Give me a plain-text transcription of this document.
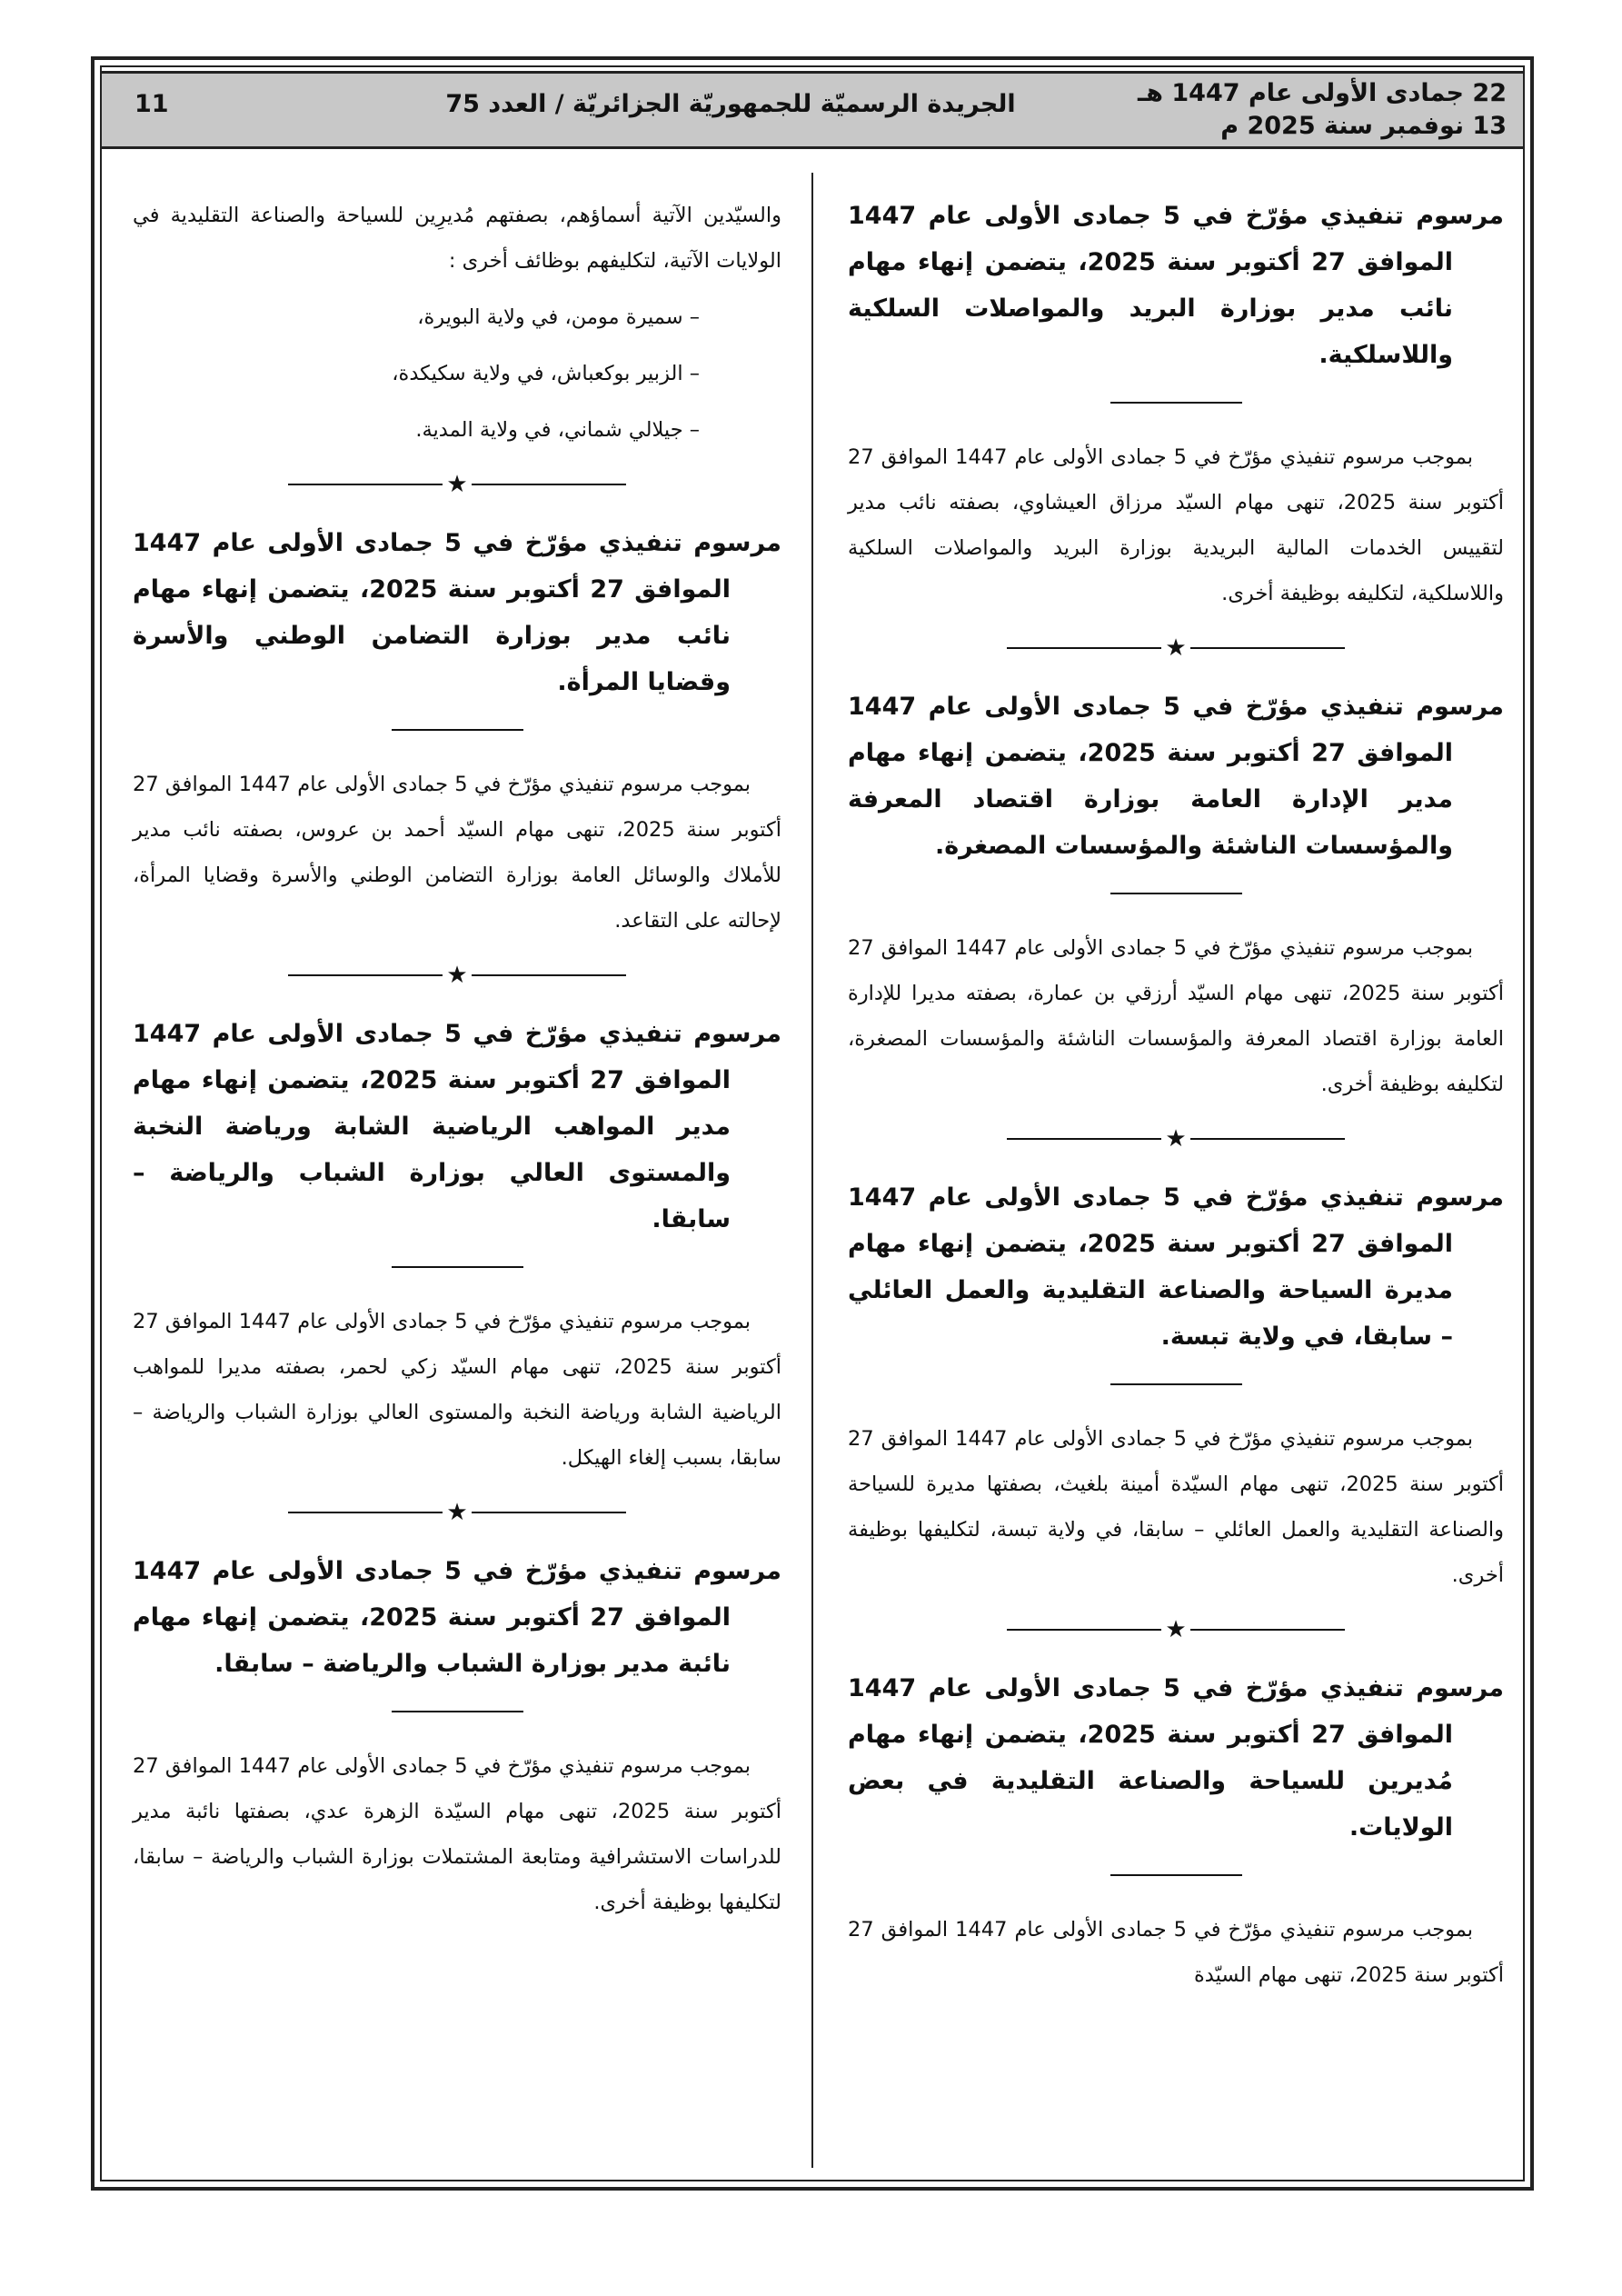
22 جمادى الأولى عام 1447 هـ
13 نوفمبر سنة 2025 م
الجريدة الرسميّة للجمهوريّة الجزائريّة / العدد 75
11

مرسوم تنفيذي مؤرّخ في 5 جمادى الأولى عام 1447 الموافق 27 أكتوبر سنة 2025، يتضمن إنهاء مهام نائب مدير بوزارة البريد والمواصلات السلكية واللاسلكية.

بموجب مرسوم تنفيذي مؤرّخ في 5 جمادى الأولى عام 1447 الموافق 27 أكتوبر سنة 2025، تنهى مهام السيّد مرزاق العيشاوي، بصفته نائب مدير لتقييس الخدمات المالية البريدية بوزارة البريد والمواصلات السلكية واللاسلكية، لتكليفه بوظيفة أخرى.

★

مرسوم تنفيذي مؤرّخ في 5 جمادى الأولى عام 1447 الموافق 27 أكتوبر سنة 2025، يتضمن إنهاء مهام مدير الإدارة العامة بوزارة اقتصاد المعرفة والمؤسسات الناشئة والمؤسسات المصغرة.

بموجب مرسوم تنفيذي مؤرّخ في 5 جمادى الأولى عام 1447 الموافق 27 أكتوبر سنة 2025، تنهى مهام السيّد أرزقي بن عمارة، بصفته مديرا للإدارة العامة بوزارة اقتصاد المعرفة والمؤسسات الناشئة والمؤسسات المصغرة، لتكليفه بوظيفة أخرى.

★

مرسوم تنفيذي مؤرّخ في 5 جمادى الأولى عام 1447 الموافق 27 أكتوبر سنة 2025، يتضمن إنهاء مهام مديرة السياحة والصناعة التقليدية والعمل العائلي – سابقا، في ولاية تبسة.

بموجب مرسوم تنفيذي مؤرّخ في 5 جمادى الأولى عام 1447 الموافق 27 أكتوبر سنة 2025، تنهى مهام السيّدة أمينة بلغيث، بصفتها مديرة للسياحة والصناعة التقليدية والعمل العائلي – سابقا، في ولاية تبسة، لتكليفها بوظيفة أخرى.

★

مرسوم تنفيذي مؤرّخ في 5 جمادى الأولى عام 1447 الموافق 27 أكتوبر سنة 2025، يتضمن إنهاء مهام مُديرين للسياحة والصناعة التقليدية في بعض الولايات.

بموجب مرسوم تنفيذي مؤرّخ في 5 جمادى الأولى عام 1447 الموافق 27 أكتوبر سنة 2025، تنهى مهام السيّدة

والسيّدين الآتية أسماؤهم، بصفتهم مُديرِين للسياحة والصناعة التقليدية في الولايات الآتية، لتكليفهم بوظائف أخرى :

– سميرة مومن، في ولاية البويرة،
– الزبير بوكعباش، في ولاية سكيكدة،
– جيلالي شماني، في ولاية المدية.
★

مرسوم تنفيذي مؤرّخ في 5 جمادى الأولى عام 1447 الموافق 27 أكتوبر سنة 2025، يتضمن إنهاء مهام نائب مدير بوزارة التضامن الوطني والأسرة وقضايا المرأة.

بموجب مرسوم تنفيذي مؤرّخ في 5 جمادى الأولى عام 1447 الموافق 27 أكتوبر سنة 2025، تنهى مهام السيّد أحمد بن عروس، بصفته نائب مدير للأملاك والوسائل العامة بوزارة التضامن الوطني والأسرة وقضايا المرأة، لإحالته على التقاعد.

★

مرسوم تنفيذي مؤرّخ في 5 جمادى الأولى عام 1447 الموافق 27 أكتوبر سنة 2025، يتضمن إنهاء مهام مدير المواهب الرياضية الشابة ورياضة النخبة والمستوى العالي بوزارة الشباب والرياضة – سابقا.

بموجب مرسوم تنفيذي مؤرّخ في 5 جمادى الأولى عام 1447 الموافق 27 أكتوبر سنة 2025، تنهى مهام السيّد زكي لحمر، بصفته مديرا للمواهب الرياضية الشابة ورياضة النخبة والمستوى العالي بوزارة الشباب والرياضة – سابقا، بسبب إلغاء الهيكل.

★

مرسوم تنفيذي مؤرّخ في 5 جمادى الأولى عام 1447 الموافق 27 أكتوبر سنة 2025، يتضمن إنهاء مهام نائبة مدير بوزارة الشباب والرياضة – سابقا.

بموجب مرسوم تنفيذي مؤرّخ في 5 جمادى الأولى عام 1447 الموافق 27 أكتوبر سنة 2025، تنهى مهام السيّدة الزهرة عدي، بصفتها نائبة مدير للدراسات الاستشرافية ومتابعة المشتملات بوزارة الشباب والرياضة – سابقا، لتكليفها بوظيفة أخرى.
